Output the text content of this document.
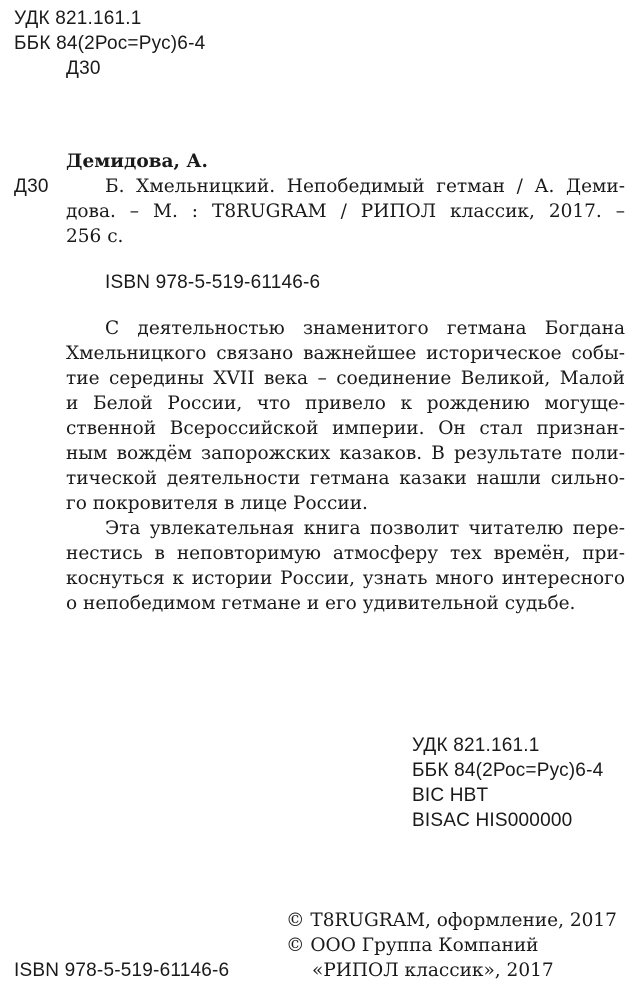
УДК 821.161.1
ББК 84(2Рос=Рус)6-4
Д30
Демидова, А.
Д30	Б. Хмельницкий. Непобедимый гетман / А. Деми-
дова. – М. : T8RUGRAM / РИПОЛ классик, 2017. –
256 с.
ISBN 978-5-519-61146-6
С деятельностью знаменитого гетмана Богдана
Хмельницкого связано важнейшее историческое собы-
тие середины XVII века – соединение Великой, Малой
и Белой России, что привело к рождению могуще-
ственной Всероссийской империи. Он стал признан-
ным вождём запорожских казаков. В результате поли-
тической деятельности гетмана казаки нашли сильно-
го покровителя в лице России.
Эта увлекательная книга позволит читателю пере-
нестись в неповторимую атмосферу тех времён, при-
коснуться к истории России, узнать много интересного
о непобедимом гетмане и его удивительной судьбе.
УДК 821.161.1
ББК 84(2Рос=Рус)6-4
BIC HBT
BISAC HIS000000
© T8RUGRAM, оформление, 2017
© ООО Группа Компаний
«РИПОЛ классик», 2017
ISBN 978-5-519-61146-6
